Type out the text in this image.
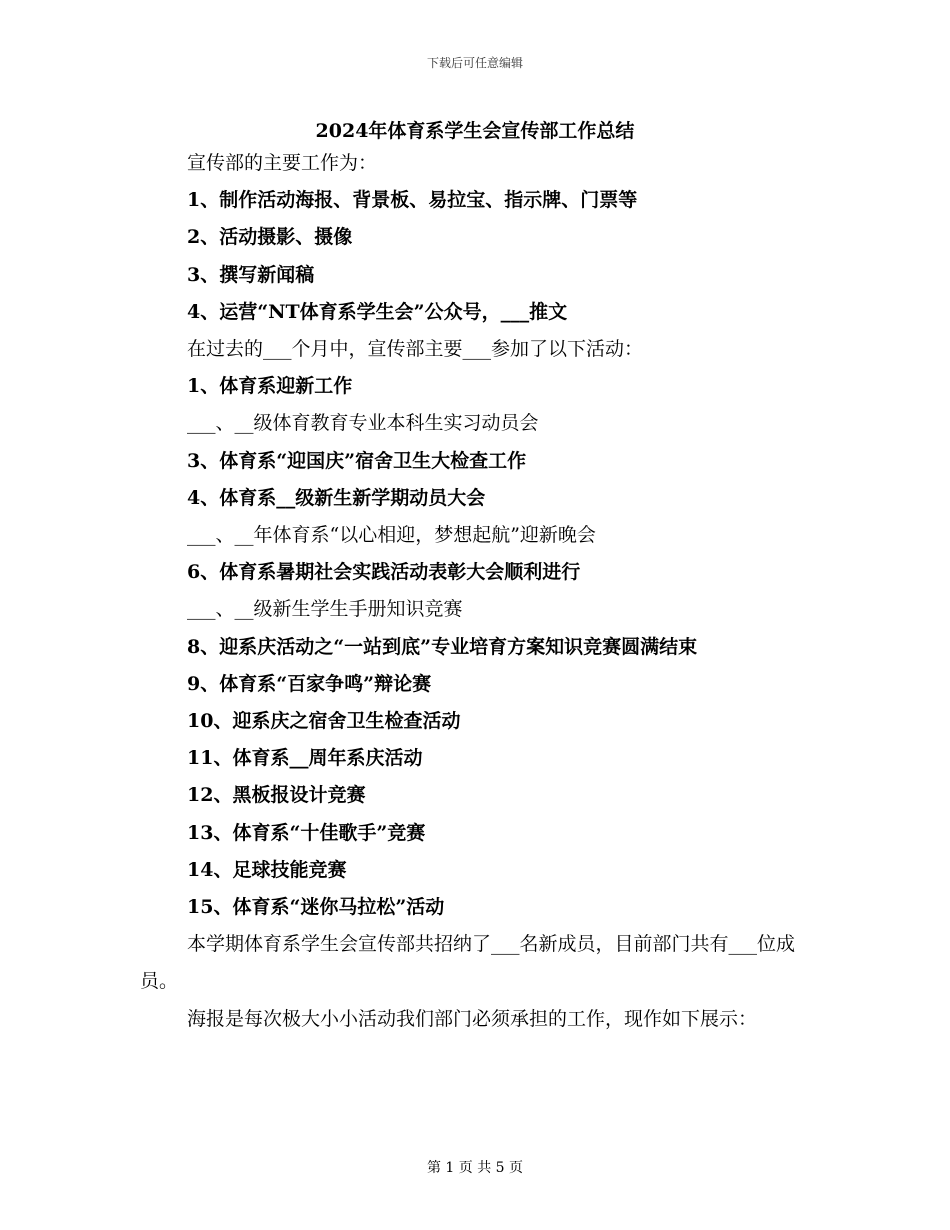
下载后可任意编辑
2024年体育系学生会宣传部工作总结
宣传部的主要工作为：
1、制作活动海报、背景板、易拉宝、指示牌、门票等
2、活动摄影、摄像
3、撰写新闻稿
4、运营“NT体育系学生会”公众号，___推文
在过去的___个月中，宣传部主要___参加了以下活动：
1、体育系迎新工作
___、__级体育教育专业本科生实习动员会
3、体育系“迎国庆”宿舍卫生大检查工作
4、体育系__级新生新学期动员大会
___、__年体育系“以心相迎，梦想起航”迎新晚会
6、体育系暑期社会实践活动表彰大会顺利进行
___、__级新生学生手册知识竞赛
8、迎系庆活动之“一站到底”专业培育方案知识竞赛圆满结束
9、体育系“百家争鸣”辩论赛
10、迎系庆之宿舍卫生检查活动
11、体育系__周年系庆活动
12、黑板报设计竞赛
13、体育系“十佳歌手”竞赛
14、足球技能竞赛
15、体育系“迷你马拉松”活动
本学期体育系学生会宣传部共招纳了___名新成员，目前部门共有___位成员。
海报是每次极大小小活动我们部门必须承担的工作，现作如下展示：
第 1 页 共 5 页
